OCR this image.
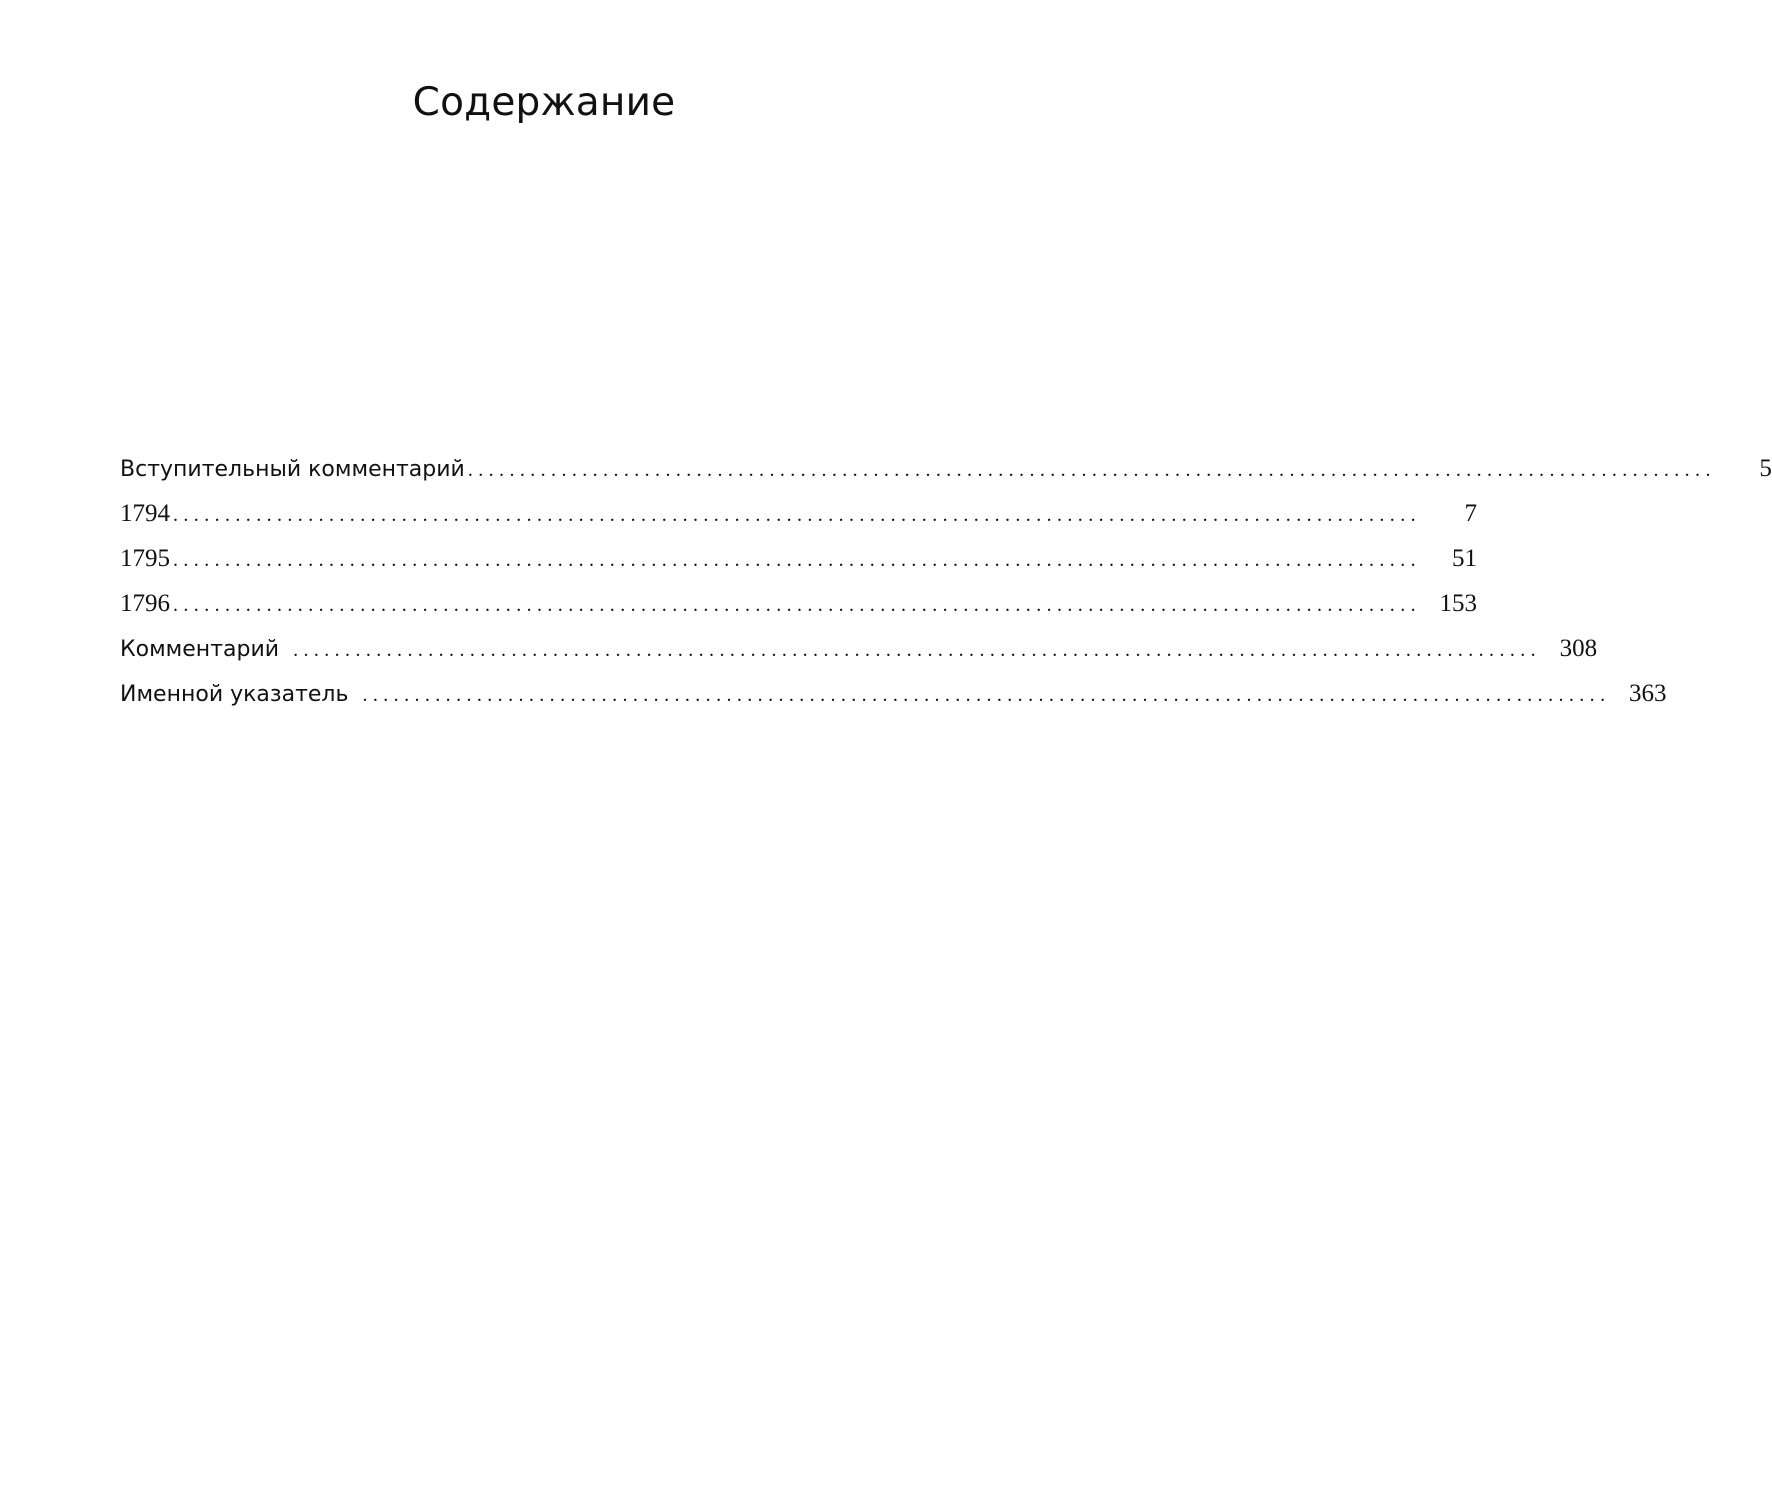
Содержание
Вступительный комментарий ........................................................................................................................	5
1794 ........................................................................................................................	7
1795 ........................................................................................................................	51
1796 ........................................................................................................................ 153
Комментарий ........................................................................................................................ 308
Именной указатель ........................................................................................................................ 363
